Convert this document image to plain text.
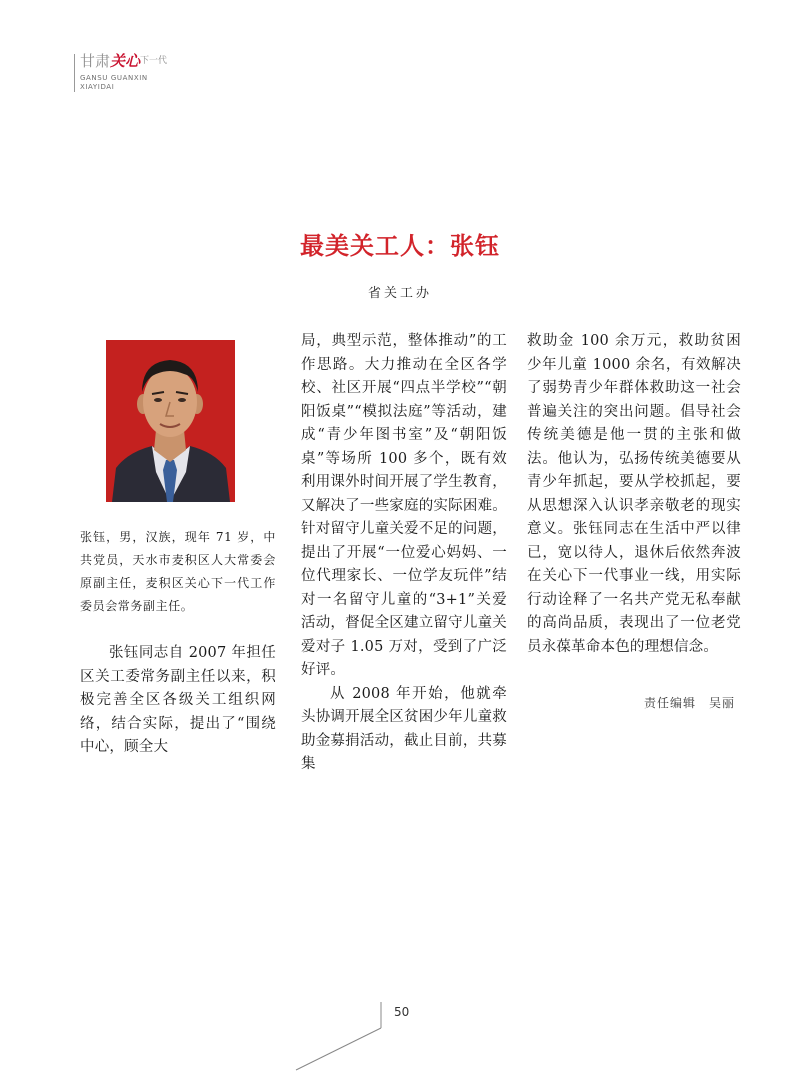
甘肃关心$^{下一代}$
GANSU GUANXIN
XIAYIDAI
最美关工人：张钰
省关工办
张钰，男，汉族，现年 71 岁，中共党员，天水市麦积区人大常委会原副主任，麦积区关心下一代工作委员会常务副主任。

张钰同志自 2007 年担任区关工委常务副主任以来，积极完善全区各级关工组织网络，结合实际，提出了“围绕中心，顾全大

局，典型示范，整体推动”的工作思路。大力推动在全区各学校、社区开展“四点半学校”“朝阳饭桌”“模拟法庭”等活动，建成“青少年图书室”及“朝阳饭桌”等场所 100 多个，既有效利用课外时间开展了学生教育，又解决了一些家庭的实际困难。针对留守儿童关爱不足的问题，提出了开展“一位爱心妈妈、一位代理家长、一位学友玩伴”结对一名留守儿童的“3+1”关爱活动，督促全区建立留守儿童关爱对子 1.05 万对，受到了广泛好评。

从 2008 年开始，他就牵头协调开展全区贫困少年儿童救助金募捐活动，截止目前，共募集

救助金 100 余万元，救助贫困少年儿童 1000 余名，有效解决了弱势青少年群体救助这一社会普遍关注的突出问题。倡导社会传统美德是他一贯的主张和做法。他认为，弘扬传统美德要从青少年抓起，要从学校抓起，要从思想深入认识孝亲敬老的现实意义。张钰同志在生活中严以律已，宽以待人，退休后依然奔波在关心下一代事业一线，用实际行动诠释了一名共产党无私奉献的高尚品质，表现出了一位老党员永葆革命本色的理想信念。

责任编辑　吴丽
50
